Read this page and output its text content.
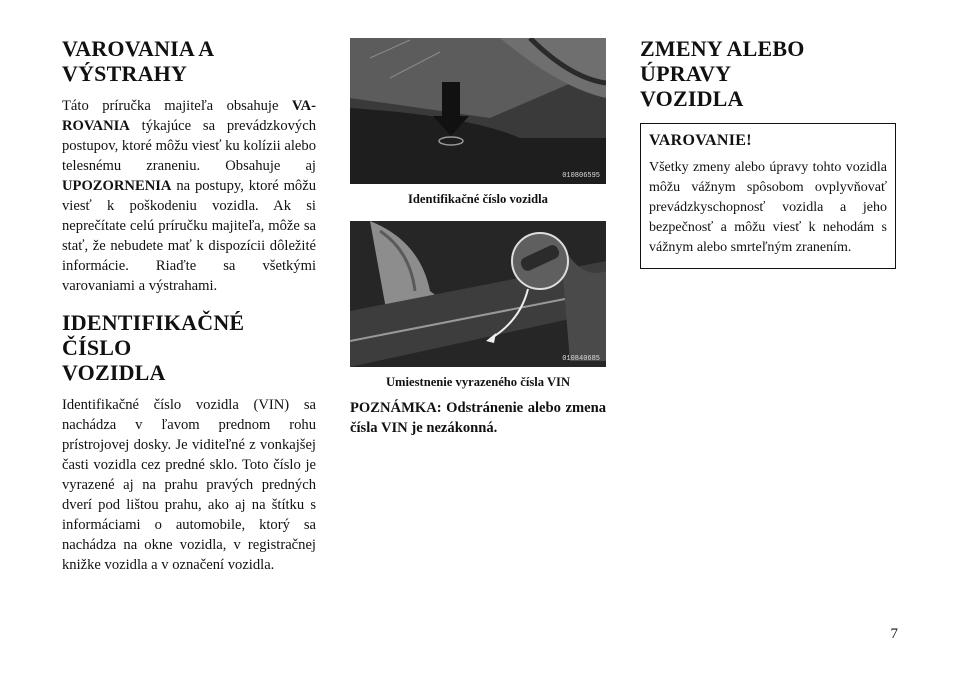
VAROVANIA A
VÝSTRAHY

Táto príručka majiteľa obsahuje VAROVANIA týkajúce sa prevádzkových postupov, ktoré môžu viesť ku kolízii alebo telesnému zraneniu. Obsahuje aj UPOZORNENIA na postupy, ktoré môžu viesť k poškodeniu vozidla. Ak si neprečítate celú príručku majiteľa, môže sa stať, že nebudete mať k dispozícii dôležité informácie. Riaďte sa všetkými varovaniami a výstrahami.

IDENTIFIKAČNÉ ČÍSLO
VOZIDLA

Identifikačné číslo vozidla (VIN) sa nachádza v ľavom prednom rohu prístrojovej dosky. Je viditeľné z vonkajšej časti vozidla cez predné sklo. Toto číslo je vyrazené aj na prahu pravých predných dverí pod lištou prahu, ako aj na štítku s informáciami o automobile, ktorý sa nachádza na okne vozidla, v registračnej knižke vozidla a v označení vozidla.

010806595
Identifikačné číslo vozidla
010840685
Umiestnenie vyrazeného čísla VIN

POZNÁMKA: Odstránenie alebo zmena čísla VIN je nezákonná.

ZMENY ALEBO ÚPRAVY
VOZIDLA
VAROVANIE!

Všetky zmeny alebo úpravy tohto vozidla môžu vážnym spôsobom ovplyvňovať prevádzkyschopnosť vozidla a jeho bezpečnosť a môžu viesť k nehodám s vážnym alebo smrteľným zranením.

7
